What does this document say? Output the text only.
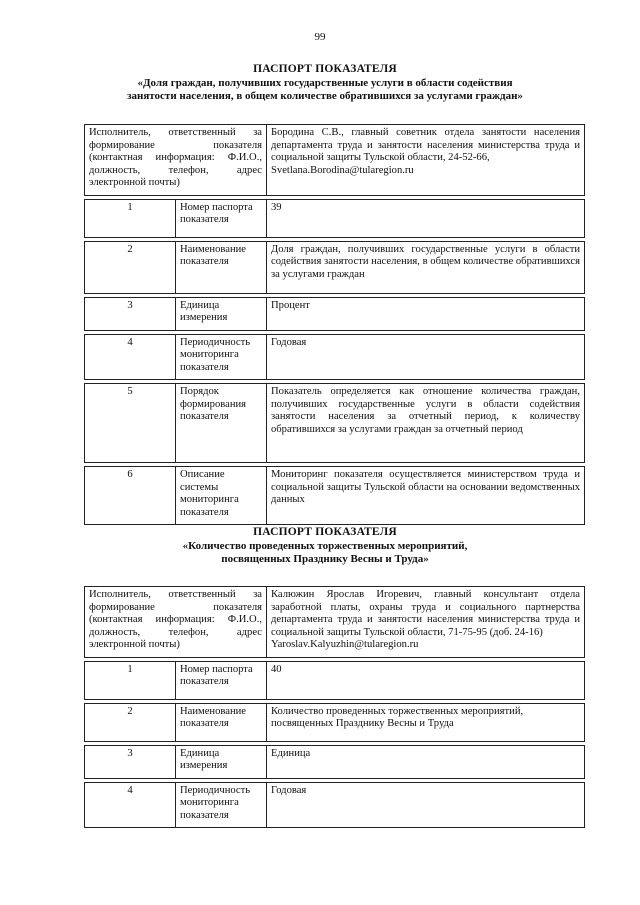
99
ПАСПОРТ ПОКАЗАТЕЛЯ
«Доля граждан, получивших государственные услуги в области содействия
занятости населения, в общем количестве обратившихся за услугами граждан»
Исполнитель, ответственный за формирование показателя (контактная информация: Ф.И.О., должность, телефон, адрес электронной почты)		Бородина С.В., главный советник отдела занятости населения департамента труда и занятости населения министерства труда и социальной защиты Тульской области, 24-52-66,
Svetlana.Borodina@tularegion.ru

1	Номер паспорта показателя	39

2	Наименование показателя	Доля граждан, получивших государственные услуги в области содействия занятости населения, в общем количестве обратившихся за услугами граждан

3	Единица измерения	Процент

4	Периодичность мониторинга показателя	Годовая

5	Порядок формирования показателя	Показатель определяется как отношение количества граждан, получивших государственные услуги в области содействия занятости населения за отчетный период, к количеству обратившихся за услугами граждан за отчетный период

6	Описание системы мониторинга показателя	Мониторинг показателя осуществляется министерством труда и социальной защиты Тульской области на основании ведомственных данных
ПАСПОРТ ПОКАЗАТЕЛЯ
«Количество проведенных торжественных мероприятий,
посвященных Празднику Весны и Труда»
Исполнитель, ответственный за формирование показателя (контактная информация: Ф.И.О., должность, телефон, адрес электронной почты)		Калюжин Ярослав Игоревич, главный консультант отдела заработной платы, охраны труда и социального партнерства департамента труда и занятости населения министерства труда и социальной защиты Тульской области, 71-75-95 (доб. 24-16)
Yaroslav.Kalyuzhin@tularegion.ru

1	Номер паспорта показателя	40

2	Наименование показателя	Количество проведенных торжественных мероприятий, посвященных Празднику Весны и Труда

3	Единица измерения	Единица

4	Периодичность мониторинга показателя	Годовая
